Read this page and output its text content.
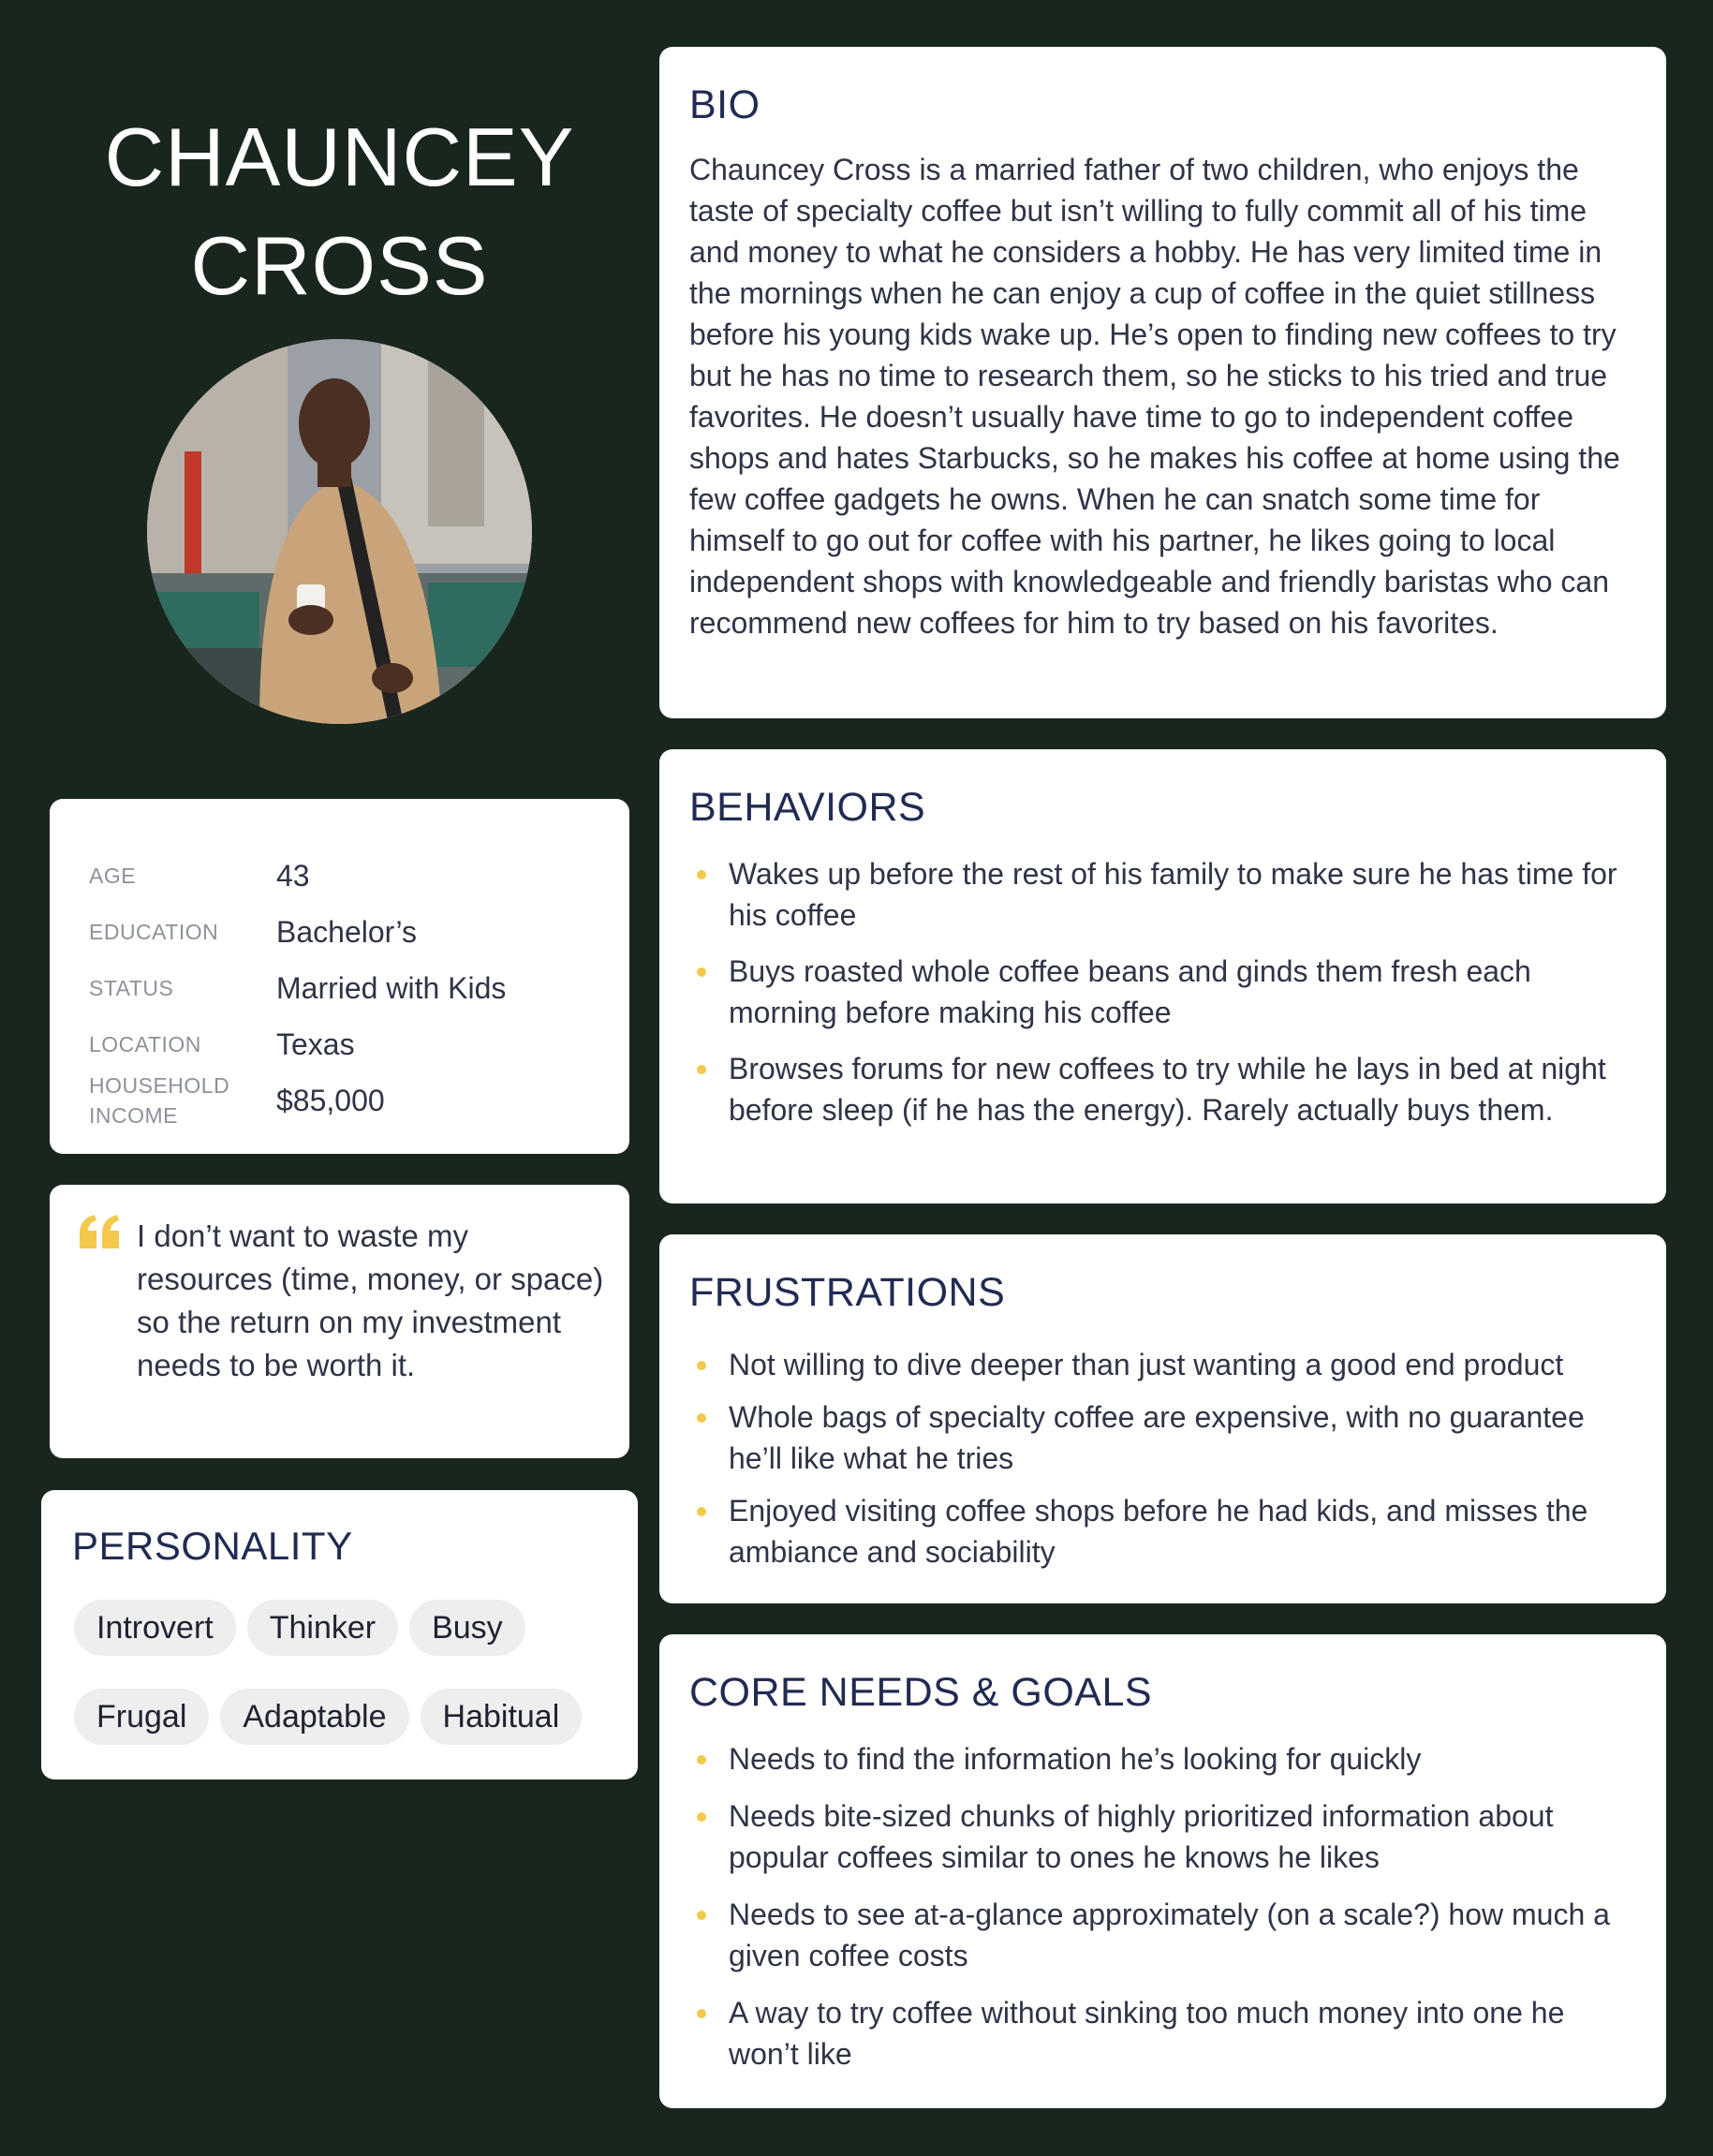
CHAUNCEY
CROSS
AGE	43
EDUCATION	Bachelor’s
STATUS	Married with Kids
LOCATION	Texas
HOUSEHOLD INCOME	$85,000
I don’t want to waste my resources (time, money, or space) so the return on my investment needs to be worth it.
PERSONALITY
Introvert	Thinker	Busy
Frugal	Adaptable	Habitual
BIO

Chauncey Cross is a married father of two children, who enjoys the taste of specialty coffee but isn’t willing to fully commit all of his time and money to what he considers a hobby. He has very limited time in the mornings when he can enjoy a cup of coffee in the quiet stillness before his young kids wake up. He’s open to finding new coffees to try but he has no time to research them, so he sticks to his tried and true favorites. He doesn’t usually have time to go to independent coffee shops and hates Starbucks, so he makes his coffee at home using the few coffee gadgets he owns. When he can snatch some time for himself to go out for coffee with his partner, he likes going to local independent shops with knowledgeable and friendly baristas who can recommend new coffees for him to try based on his favorites.

BEHAVIORS
Wakes up before the rest of his family to make sure he has time for his coffee
Buys roasted whole coffee beans and ginds them fresh each morning before making his coffee
Browses forums for new coffees to try while he lays in bed at night before sleep (if he has the energy). Rarely actually buys them.
FRUSTRATIONS
Not willing to dive deeper than just wanting a good end product
Whole bags of specialty coffee are expensive, with no guarantee he’ll like what he tries
Enjoyed visiting coffee shops before he had kids, and misses the ambiance and sociability
CORE NEEDS & GOALS
Needs to find the information he’s looking for quickly
Needs bite-sized chunks of highly prioritized information about popular coffees similar to ones he knows he likes
Needs to see at-a-glance approximately (on a scale?) how much a given coffee costs
A way to try coffee without sinking too much money into one he won’t like
